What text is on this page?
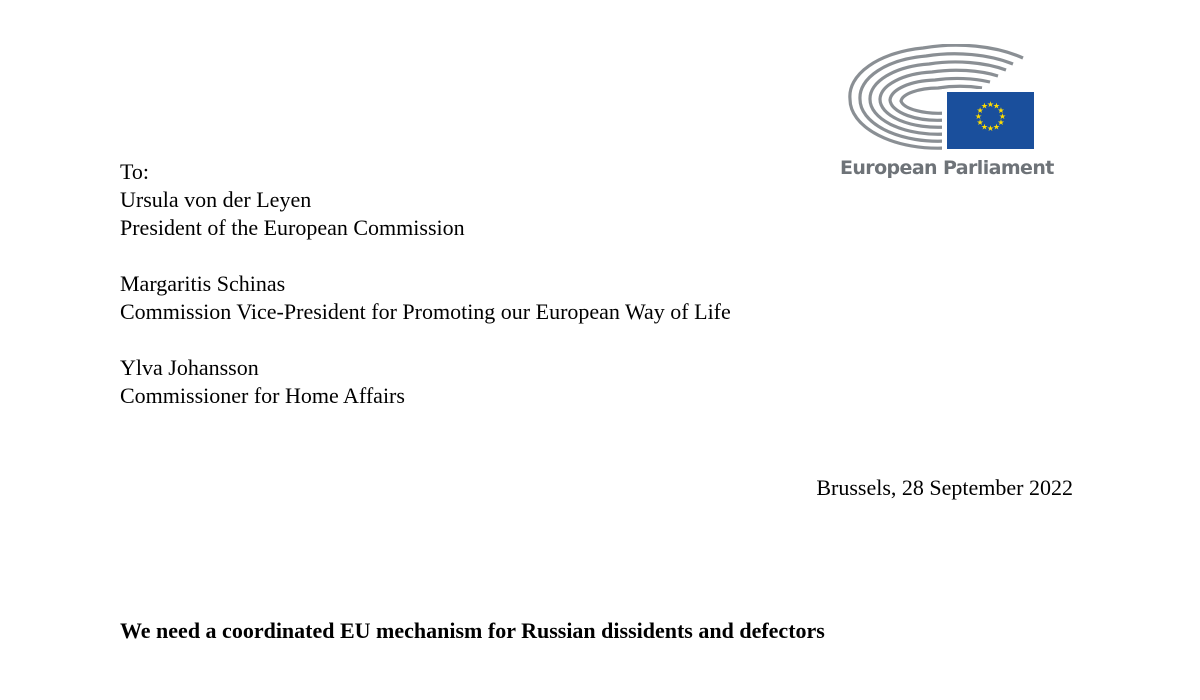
★
★
★
★
★
★
★
★
★
★
★
★
European Parliament
To:
Ursula von der Leyen
President of the European Commission
Margaritis Schinas
Commission Vice-President for Promoting our European Way of Life
Ylva Johansson
Commissioner for Home Affairs
Brussels, 28 September 2022
We need a coordinated EU mechanism for Russian dissidents and defectors
